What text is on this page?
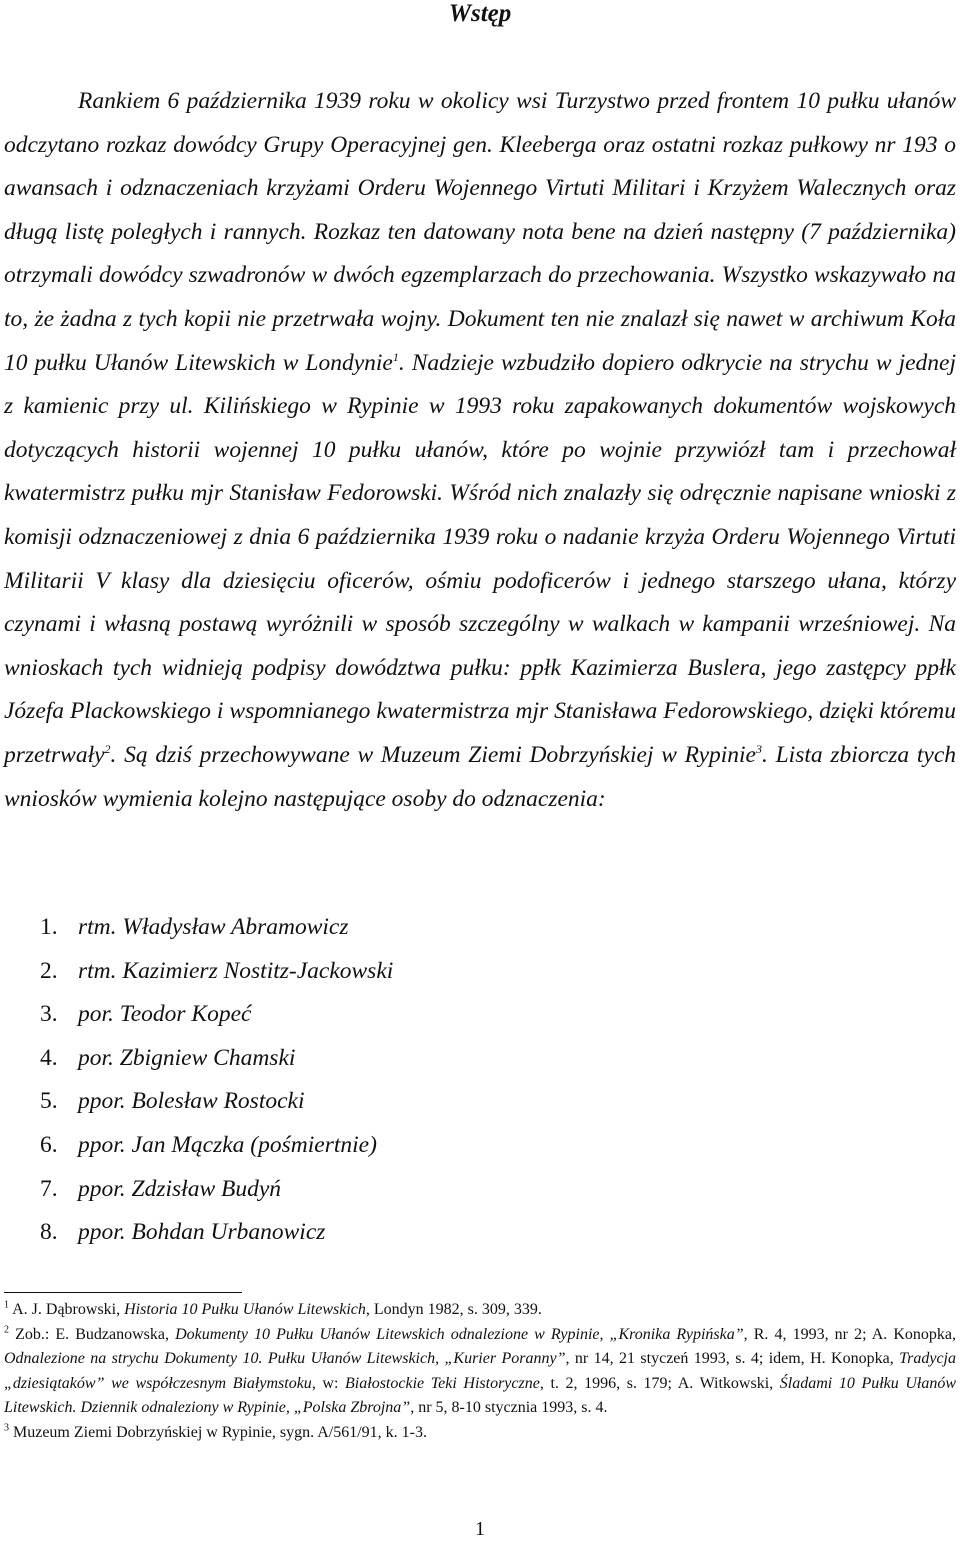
Wstęp

Rankiem 6 października 1939 roku w okolicy wsi Turzystwo przed frontem 10 pułku ułanów odczytano rozkaz dowódcy Grupy Operacyjnej gen. Kleeberga oraz ostatni rozkaz pułkowy nr 193 o awansach i odznaczeniach krzyżami Orderu Wojennego Virtuti Militari i Krzyżem Walecznych oraz długą listę poległych i rannych. Rozkaz ten datowany nota bene na dzień następny (7 października) otrzymali dowódcy szwadronów w dwóch egzemplarzach do przechowania. Wszystko wskazywało na to, że żadna z tych kopii nie przetrwała wojny. Dokument ten nie znalazł się nawet w archiwum Koła 10 pułku Ułanów Litewskich w Londynie$^1$. Nadzieje wzbudziło dopiero odkrycie na strychu w jednej z kamienic przy ul. Kilińskiego w Rypinie w 1993 roku zapakowanych dokumentów wojskowych dotyczących historii wojennej 10 pułku ułanów, które po wojnie przywiózł tam i przechował kwatermistrz pułku mjr Stanisław Fedorowski. Wśród nich znalazły się odręcznie napisane wnioski z komisji odznaczeniowej z dnia 6 października 1939 roku o nadanie krzyża Orderu Wojennego Virtuti Militarii V klasy dla dziesięciu oficerów, ośmiu podoficerów i jednego starszego ułana, którzy czynami i własną postawą wyróżnili w sposób szczególny w walkach w kampanii wrześniowej. Na wnioskach tych widnieją podpisy dowództwa pułku: ppłk Kazimierza Buslera, jego zastępcy ppłk Józefa Plackowskiego i wspomnianego kwatermistrza mjr Stanisława Fedorowskiego, dzięki któremu przetrwały$^2$. Są dziś przechowywane w Muzeum Ziemi Dobrzyńskiej w Rypinie$^3$. Lista zbiorcza tych wniosków wymienia kolejno następujące osoby do odznaczenia:

1. rtm. Władysław Abramowicz
2. rtm. Kazimierz Nostitz-Jackowski
3. por. Teodor Kopeć
4. por. Zbigniew Chamski
5. ppor. Bolesław Rostocki
6. ppor. Jan Mączka (pośmiertnie)
7. ppor. Zdzisław Budyń
8. ppor. Bohdan Urbanowicz

$^1$ A. J. Dąbrowski, Historia 10 Pułku Ułanów Litewskich, Londyn 1982, s. 309, 339.

$^2$ Zob.: E. Budzanowska, Dokumenty 10 Pułku Ułanów Litewskich odnalezione w Rypinie, „Kronika Rypińska”, R. 4, 1993, nr 2; A. Konopka, Odnalezione na strychu Dokumenty 10. Pułku Ułanów Litewskich, „Kurier Poranny”, nr 14, 21 styczeń 1993, s. 4; idem, H. Konopka, Tradycja „dziesiątaków” we współczesnym Białymstoku, w: Białostockie Teki Historyczne, t. 2, 1996, s. 179; A. Witkowski, Śladami 10 Pułku Ułanów Litewskich. Dziennik odnaleziony w Rypinie, „Polska Zbrojna”, nr 5, 8-10 stycznia 1993, s. 4.

$^3$ Muzeum Ziemi Dobrzyńskiej w Rypinie, sygn. A/561/91, k. 1-3.

1
